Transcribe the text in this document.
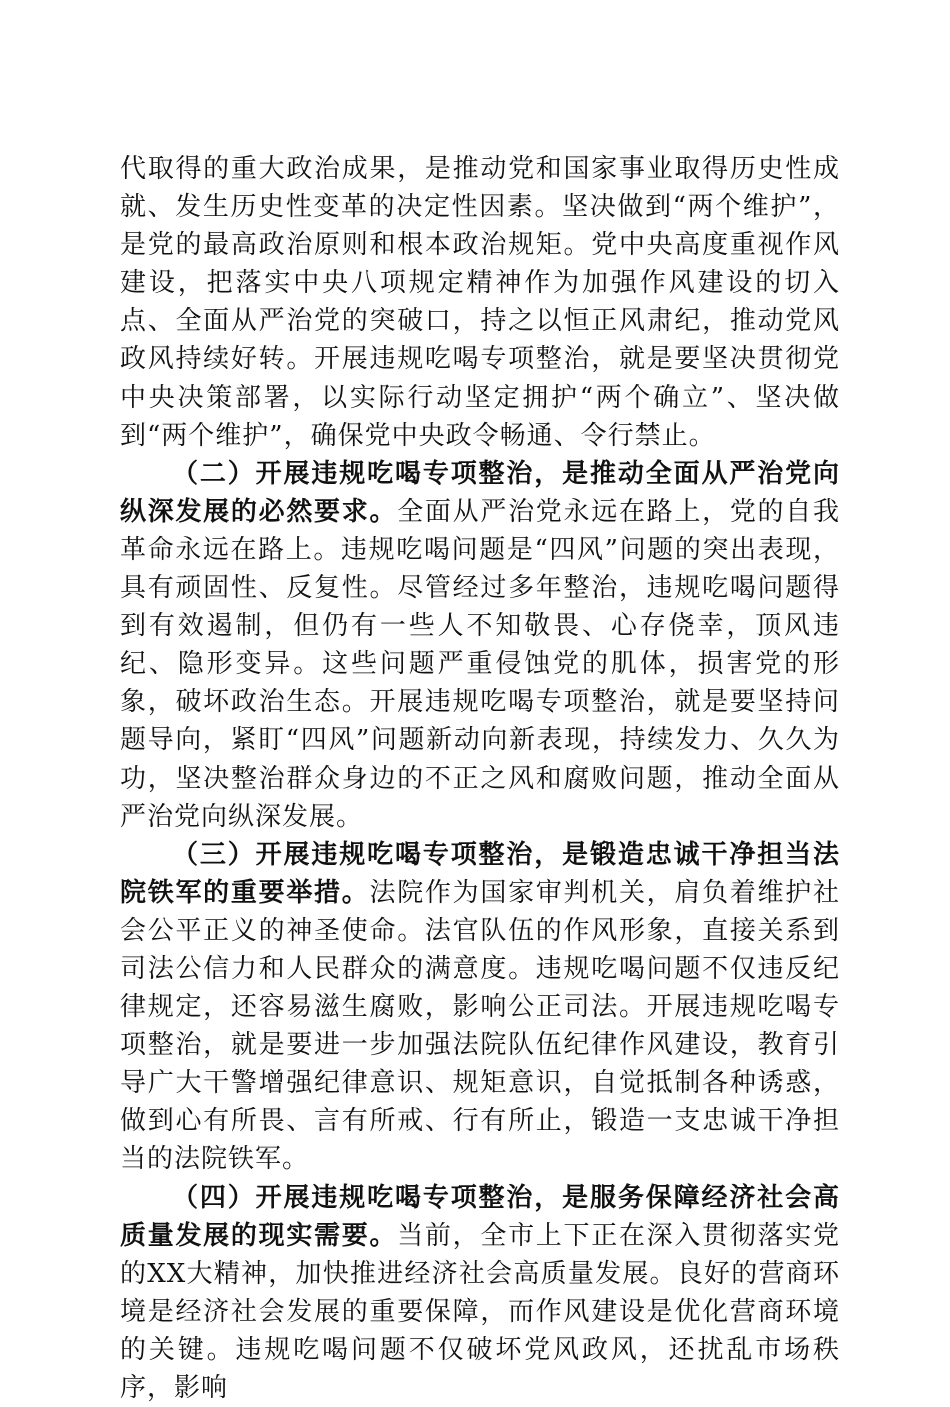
代取得的重大政治成果，是推动党和国家事业取得历史性成就、发生历史性变革的决定性因素。坚决做到“两个维护”，是党的最高政治原则和根本政治规矩。党中央高度重视作风建设，把落实中央八项规定精神作为加强作风建设的切入点、全面从严治党的突破口，持之以恒正风肃纪，推动党风政风持续好转。开展违规吃喝专项整治，就是要坚决贯彻党中央决策部署，以实际行动坚定拥护“两个确立”、坚决做到“两个维护”，确保党中央政令畅通、令行禁止。

（二）开展违规吃喝专项整治，是推动全面从严治党向纵深发展的必然要求。全面从严治党永远在路上，党的自我革命永远在路上。违规吃喝问题是“四风”问题的突出表现，具有顽固性、反复性。尽管经过多年整治，违规吃喝问题得到有效遏制，但仍有一些人不知敬畏、心存侥幸，顶风违纪、隐形变异。这些问题严重侵蚀党的肌体，损害党的形象，破坏政治生态。开展违规吃喝专项整治，就是要坚持问题导向，紧盯“四风”问题新动向新表现，持续发力、久久为功，坚决整治群众身边的不正之风和腐败问题，推动全面从严治党向纵深发展。

（三）开展违规吃喝专项整治，是锻造忠诚干净担当法院铁军的重要举措。法院作为国家审判机关，肩负着维护社会公平正义的神圣使命。法官队伍的作风形象，直接关系到司法公信力和人民群众的满意度。违规吃喝问题不仅违反纪律规定，还容易滋生腐败，影响公正司法。开展违规吃喝专项整治，就是要进一步加强法院队伍纪律作风建设，教育引导广大干警增强纪律意识、规矩意识，自觉抵制各种诱惑，做到心有所畏、言有所戒、行有所止，锻造一支忠诚干净担当的法院铁军。

（四）开展违规吃喝专项整治，是服务保障经济社会高质量发展的现实需要。当前，全市上下正在深入贯彻落实党的XX大精神，加快推进经济社会高质量发展。良好的营商环境是经济社会发展的重要保障，而作风建设是优化营商环境的关键。违规吃喝问题不仅破坏党风政风，还扰乱市场秩序，影响
